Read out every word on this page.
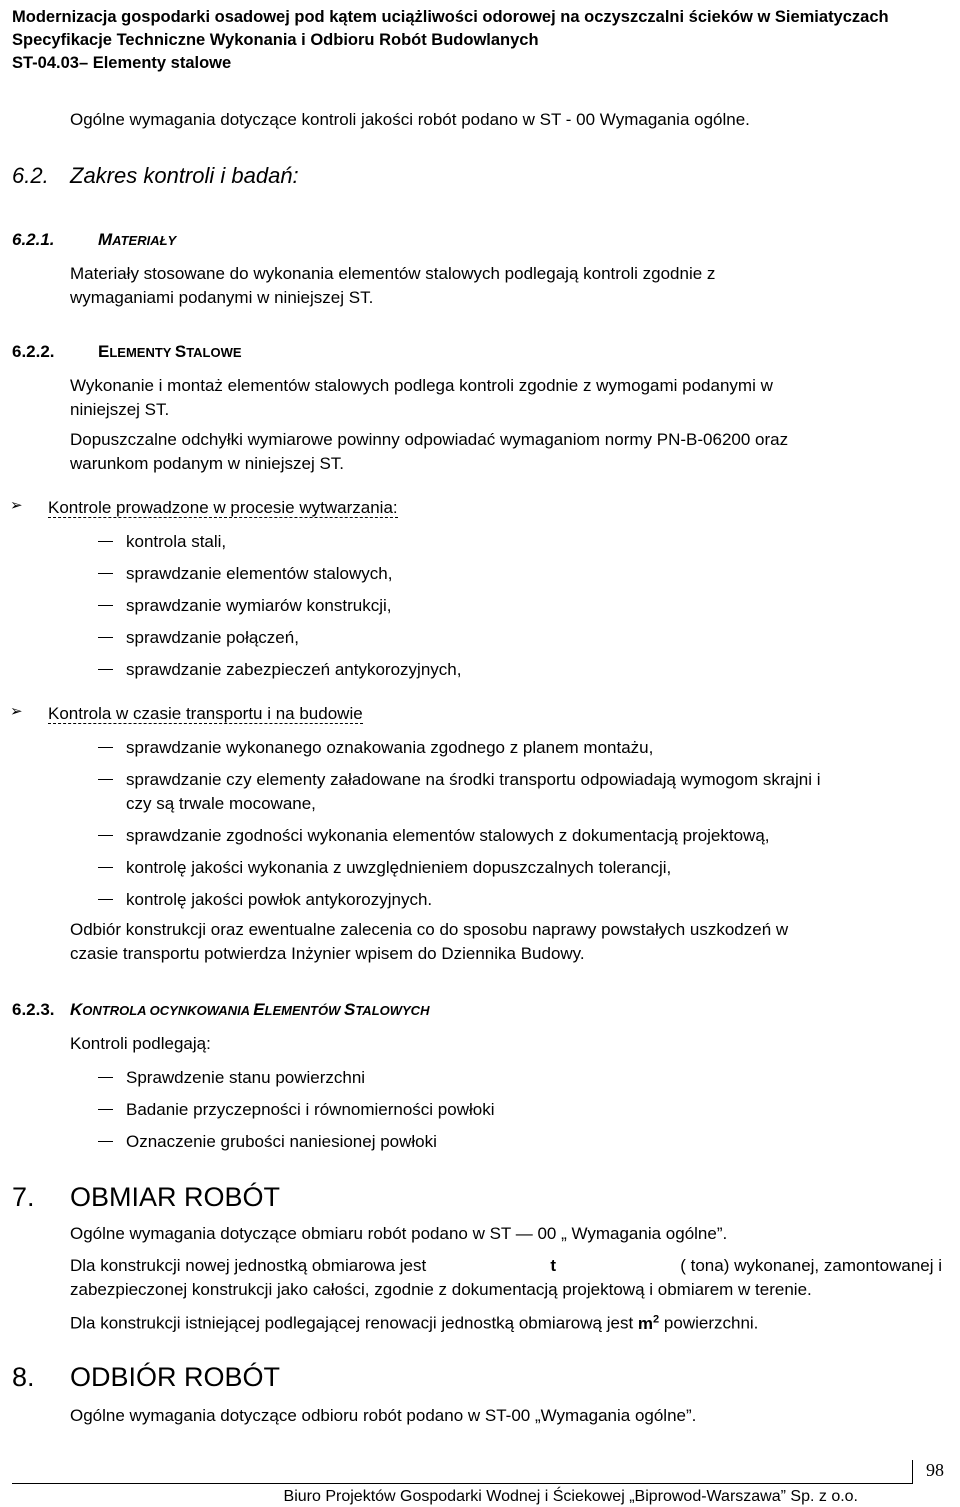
Modernizacja gospodarki osadowej pod kątem uciążliwości odorowej na oczyszczalni ścieków w Siemiatyczach
Specyfikacje Techniczne Wykonania i Odbioru Robót Budowlanych
ST-04.03– Elementy stalowe
Ogólne wymagania dotyczące kontroli jakości robót podano w ST - 00 Wymagania ogólne.
6.2. Zakres kontroli i badań:
6.2.1.	MATERIAŁY
Materiały stosowane do wykonania elementów stalowych podlegają kontroli zgodnie z
wymaganiami podanymi w niniejszej ST.
6.2.2.	ELEMENTY STALOWE
Wykonanie i montaż elementów stalowych podlega kontroli zgodnie z wymogami podanymi w
niniejszej ST.
Dopuszczalne odchyłki wymiarowe powinny odpowiadać wymaganiom normy PN-B-06200 oraz
warunkom podanym w niniejszej ST.
➢ Kontrole prowadzone w procesie wytwarzania:
kontrola stali,
sprawdzanie elementów stalowych,
sprawdzanie wymiarów konstrukcji,
sprawdzanie połączeń,
sprawdzanie zabezpieczeń antykorozyjnych,
➢ Kontrola w czasie transportu i na budowie
sprawdzanie wykonanego oznakowania zgodnego z planem montażu,
sprawdzanie czy elementy załadowane na środki transportu odpowiadają wymogom skrajni i
czy są trwale mocowane,
sprawdzanie zgodności wykonania elementów stalowych z dokumentacją projektową,
kontrolę jakości wykonania z uwzględnieniem dopuszczalnych tolerancji,
kontrolę jakości powłok antykorozyjnych.
Odbiór konstrukcji oraz ewentualne zalecenia co do sposobu naprawy powstałych uszkodzeń w
czasie transportu potwierdza Inżynier wpisem do Dziennika Budowy.
6.2.3. KONTROLA OCYNKOWANIA ELEMENTÓW STALOWYCH
Kontroli podlegają:
Sprawdzenie stanu powierzchni
Badanie przyczepności i równomierności powłoki
Oznaczenie grubości naniesionej powłoki
7. OBMIAR ROBÓT
Ogólne wymagania dotyczące obmiaru robót podano w ST — 00 „ Wymagania ogólne”.
Dla konstrukcji nowej jednostką obmiarowa jest	t	( tona) wykonanej, zamontowanej i
zabezpieczonej konstrukcji jako całości, zgodnie z dokumentacją projektową i obmiarem w terenie.
Dla konstrukcji istniejącej podlegającej renowacji jednostką obmiarową jest $m^2$ powierzchni.
8. ODBIÓR ROBÓT
Ogólne wymagania dotyczące odbioru robót podano w ST-00 „Wymagania ogólne”.
98
Biuro Projektów Gospodarki Wodnej i Ściekowej „Biprowod-Warszawa” Sp. z o.o.
